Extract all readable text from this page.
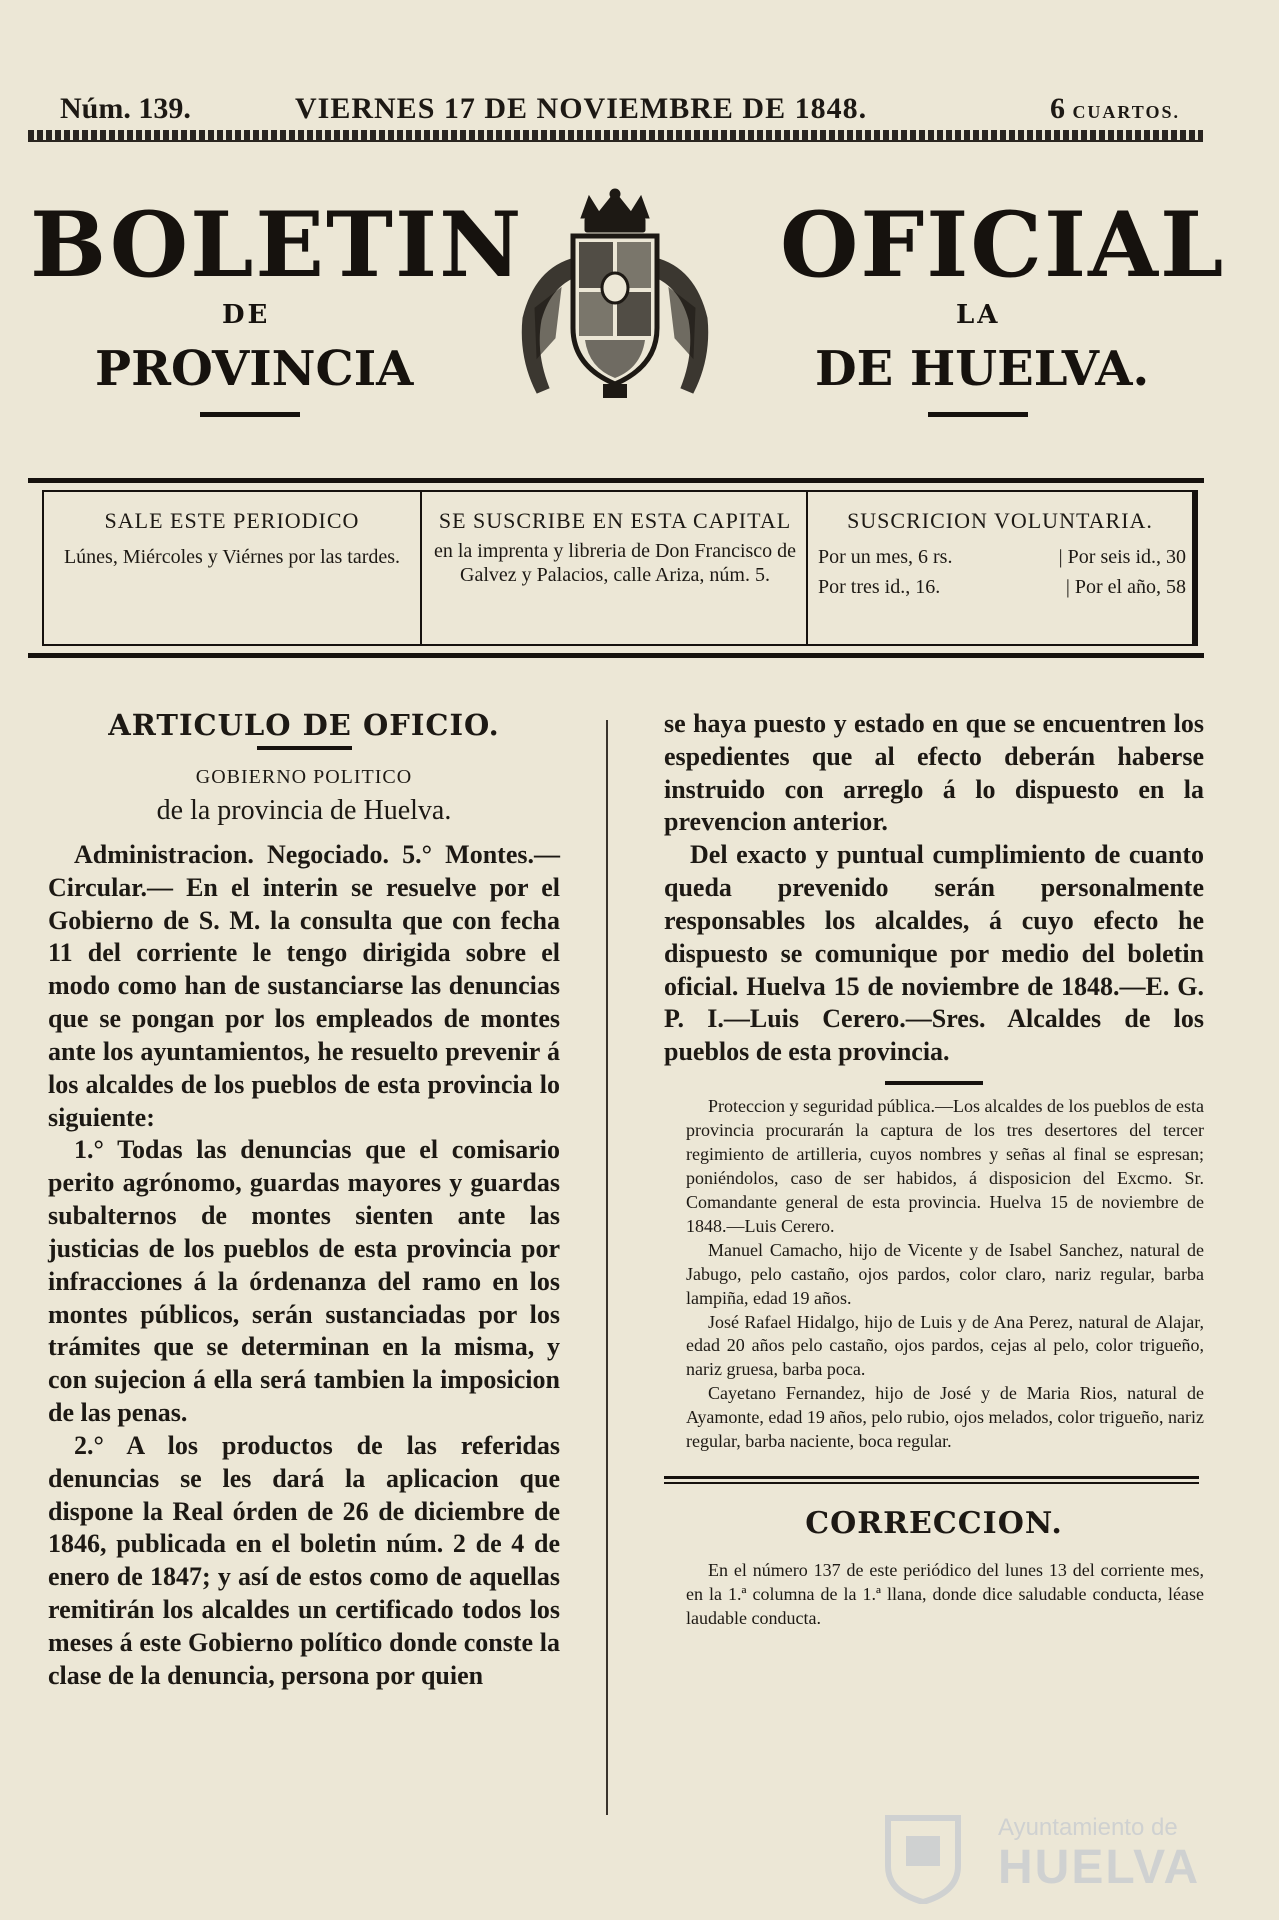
Núm. 139.	VIERNES 17 DE NOVIEMBRE DE 1848.	6 CUARTOS.
BOLETIN
DE
PROVINCIA
OFICIAL
LA
DE HUELVA.
SALE ESTE PERIODICO
Lúnes, Miércoles y Viérnes por las tardes.
SE SUSCRIBE EN ESTA CAPITAL
en la imprenta y libreria de Don Francisco de Galvez y Palacios, calle Ariza, núm. 5.
SUSCRICION VOLUNTARIA.
Por un mes, 6 rs.	| Por seis id., 30
Por tres id., 16.	| Por el año, 58
ARTICULO DE OFICIO.

GOBIERNO POLITICO

de la provincia de Huelva.

Administracion. Negociado. 5.° Montes.—Circular.— En el interin se resuelve por el Gobierno de S. M. la consulta que con fecha 11 del corriente le tengo dirigida sobre el modo como han de sustanciarse las denuncias que se pongan por los empleados de montes ante los ayuntamientos, he resuelto prevenir á los alcaldes de los pueblos de esta provincia lo siguiente:

1.° Todas las denuncias que el comisario perito agrónomo, guardas mayores y guardas subalternos de montes sienten ante las justicias de los pueblos de esta provincia por infracciones á la órdenanza del ramo en los montes públicos, serán sustanciadas por los trámites que se determinan en la misma, y con sujecion á ella será tambien la imposicion de las penas.

2.° A los productos de las referidas denuncias se les dará la aplicacion que dispone la Real órden de 26 de diciembre de 1846, publicada en el boletin núm. 2 de 4 de enero de 1847; y así de estos como de aquellas remitirán los alcaldes un certificado todos los meses á este Gobierno político donde conste la clase de la denuncia, persona por quien

se haya puesto y estado en que se encuentren los espedientes que al efecto deberán haberse instruido con arreglo á lo dispuesto en la prevencion anterior.

Del exacto y puntual cumplimiento de cuanto queda prevenido serán personalmente responsables los alcaldes, á cuyo efecto he dispuesto se comunique por medio del boletin oficial. Huelva 15 de noviembre de 1848.—E. G. P. I.—Luis Cerero.—Sres. Alcaldes de los pueblos de esta provincia.

Proteccion y seguridad pública.—Los alcaldes de los pueblos de esta provincia procurarán la captura de los tres desertores del tercer regimiento de artilleria, cuyos nombres y señas al final se espresan; poniéndolos, caso de ser habidos, á disposicion del Excmo. Sr. Comandante general de esta provincia. Huelva 15 de noviembre de 1848.—Luis Cerero.

Manuel Camacho, hijo de Vicente y de Isabel Sanchez, natural de Jabugo, pelo castaño, ojos pardos, color claro, nariz regular, barba lampiña, edad 19 años.

José Rafael Hidalgo, hijo de Luis y de Ana Perez, natural de Alajar, edad 20 años pelo castaño, ojos pardos, cejas al pelo, color trigueño, nariz gruesa, barba poca.

Cayetano Fernandez, hijo de José y de Maria Rios, natural de Ayamonte, edad 19 años, pelo rubio, ojos melados, color trigueño, nariz regular, barba naciente, boca regular.

CORRECCION.

En el número 137 de este periódico del lunes 13 del corriente mes, en la 1.ª columna de la 1.ª llana, donde dice saludable conducta, léase laudable conducta.

Ayuntamiento de
HUELVA
